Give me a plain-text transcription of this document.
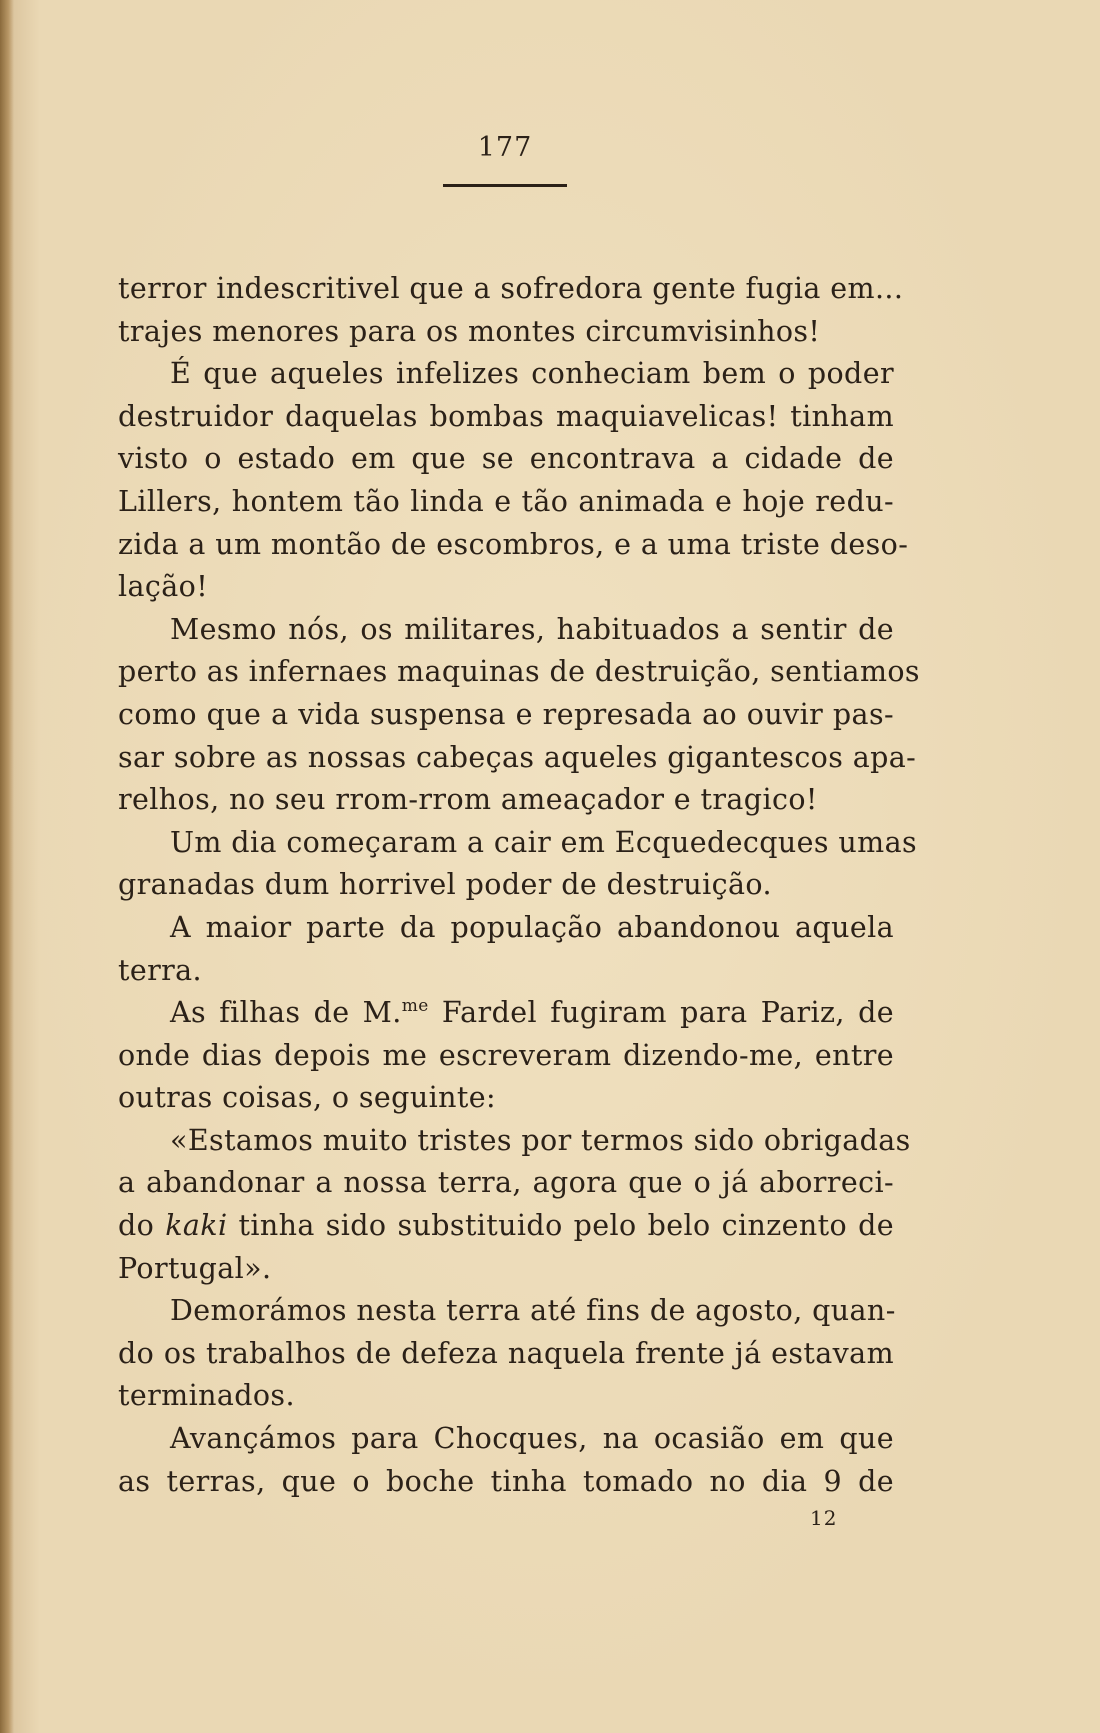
177
terror indescritivel que a sofredora gente fugia em...
trajes menores para os montes circumvisinhos!
É que aqueles infelizes conheciam bem o poder
destruidor daquelas bombas maquiavelicas! tinham
visto o estado em que se encontrava a cidade de
Lillers, hontem tão linda e tão animada e hoje redu-
zida a um montão de escombros, e a uma triste deso-
lação!
Mesmo nós, os militares, habituados a sentir de
perto as infernaes maquinas de destruição, sentiamos
como que a vida suspensa e represada ao ouvir pas-
sar sobre as nossas cabeças aqueles gigantescos apa-
relhos, no seu rrom-rrom ameaçador e tragico!
Um dia começaram a cair em Ecquedecques umas
granadas dum horrivel poder de destruição.
A maior parte da população abandonou aquela
terra.
As filhas de M.$^{me}$ Fardel fugiram para Pariz, de
onde dias depois me escreveram dizendo-me, entre
outras coisas, o seguinte:
«Estamos muito tristes por termos sido obrigadas
a abandonar a nossa terra, agora que o já aborreci-
do kaki tinha sido substituido pelo belo cinzento de
Portugal».
Demorámos nesta terra até fins de agosto, quan-
do os trabalhos de defeza naquela frente já estavam
terminados.
Avançámos para Chocques, na ocasião em que
as terras, que o boche tinha tomado no dia 9 de
12
